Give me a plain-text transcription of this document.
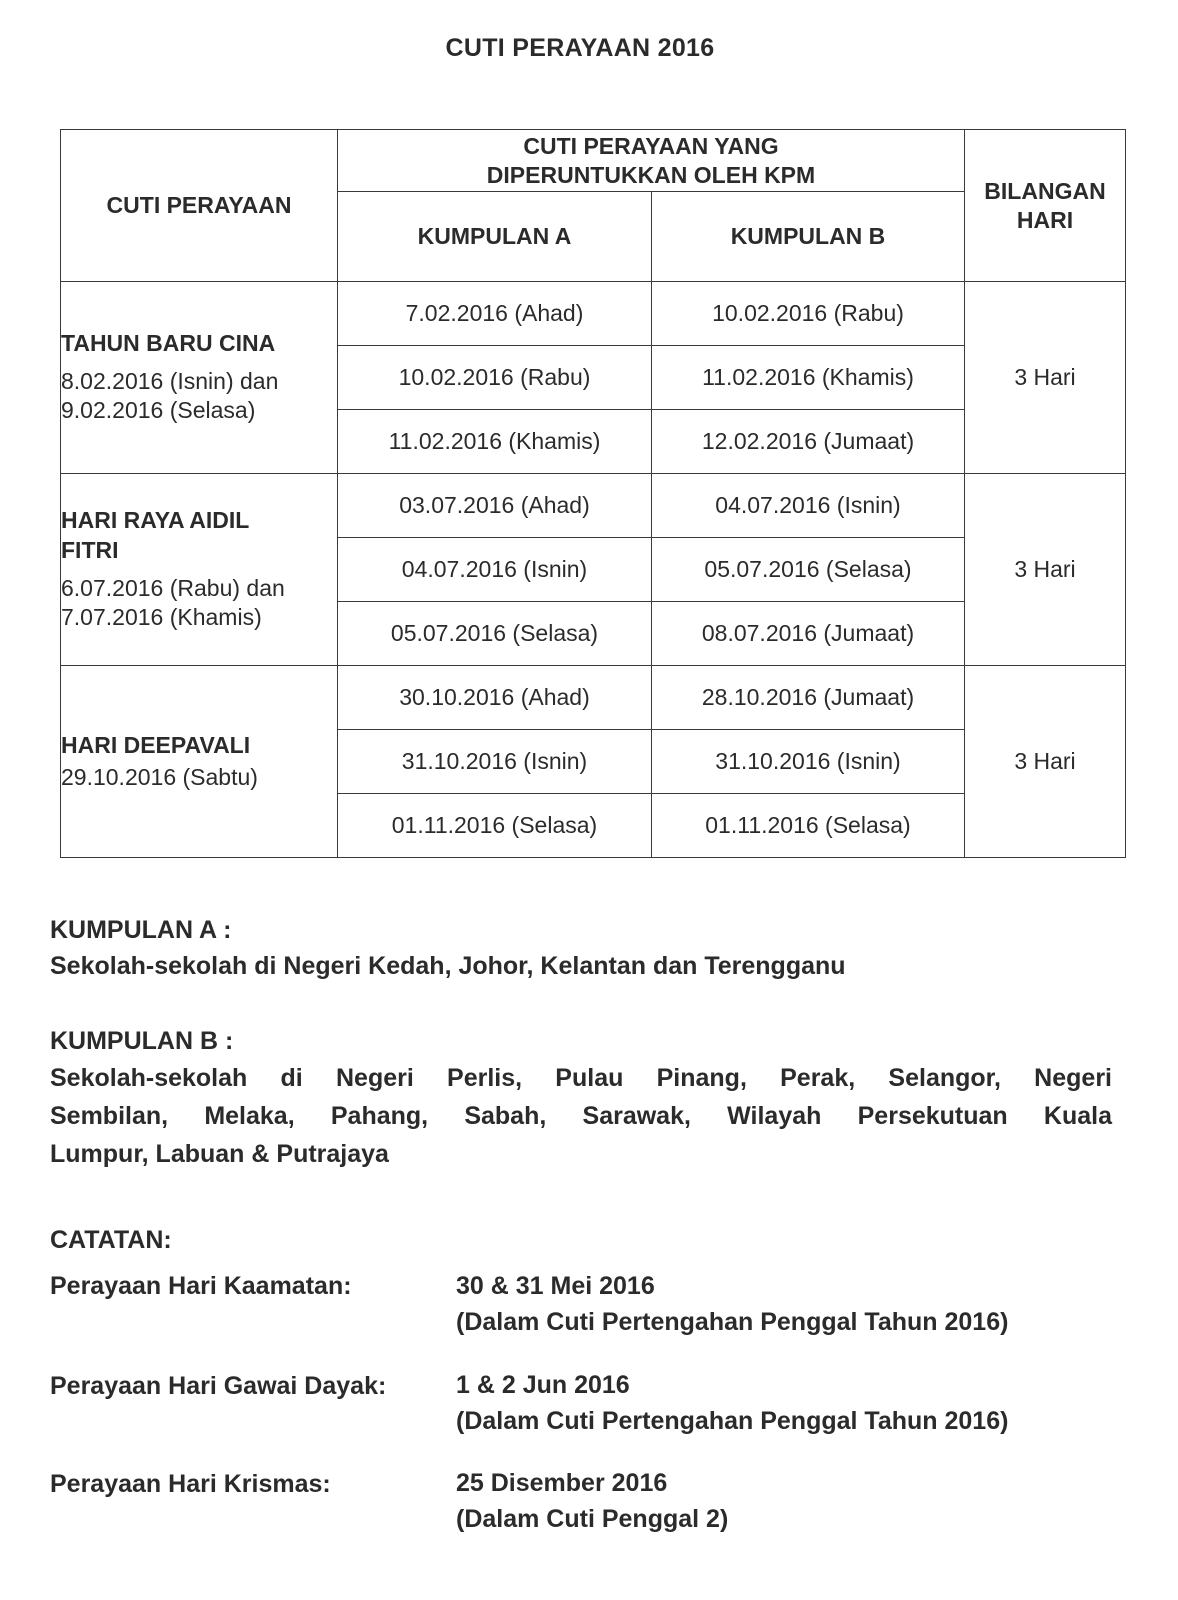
CUTI PERAYAAN 2016
CUTI PERAYAAN	CUTI PERAYAAN YANG DIPERUNTUKKAN OLEH KPM		BILANGAN HARI
	KUMPULAN A	KUMPULAN B	

TAHUN BARU CINA
8.02.2016 (Isnin) dan
9.02.2016 (Selasa)	7.02.2016 (Ahad)	10.02.2016 (Rabu)	3 Hari
	10.02.2016 (Rabu)	11.02.2016 (Khamis)	
	11.02.2016 (Khamis)	12.02.2016 (Jumaat)	

HARI RAYA AIDIL FITRI
6.07.2016 (Rabu) dan
7.07.2016 (Khamis)	03.07.2016 (Ahad)	04.07.2016 (Isnin)	3 Hari
	04.07.2016 (Isnin)	05.07.2016 (Selasa)	
	05.07.2016 (Selasa)	08.07.2016 (Jumaat)	

HARI DEEPAVALI
29.10.2016 (Sabtu)	30.10.2016 (Ahad)	28.10.2016 (Jumaat)	3 Hari
	31.10.2016 (Isnin)	31.10.2016 (Isnin)	
	01.11.2016 (Selasa)	01.11.2016 (Selasa)	
KUMPULAN A :
Sekolah-sekolah di Negeri Kedah, Johor, Kelantan dan Terengganu
KUMPULAN B :
Sekolah-sekolah di Negeri Perlis, Pulau Pinang, Perak, Selangor, Negeri
Sembilan, Melaka, Pahang, Sabah, Sarawak, Wilayah Persekutuan Kuala
Lumpur, Labuan & Putrajaya
CATATAN:
Perayaan Hari Kaamatan:	30 & 31 Mei 2016
(Dalam Cuti Pertengahan Penggal Tahun 2016)
Perayaan Hari Gawai Dayak:	1 & 2 Jun 2016
(Dalam Cuti Pertengahan Penggal Tahun 2016)
Perayaan Hari Krismas:	25 Disember 2016
(Dalam Cuti Penggal 2)
